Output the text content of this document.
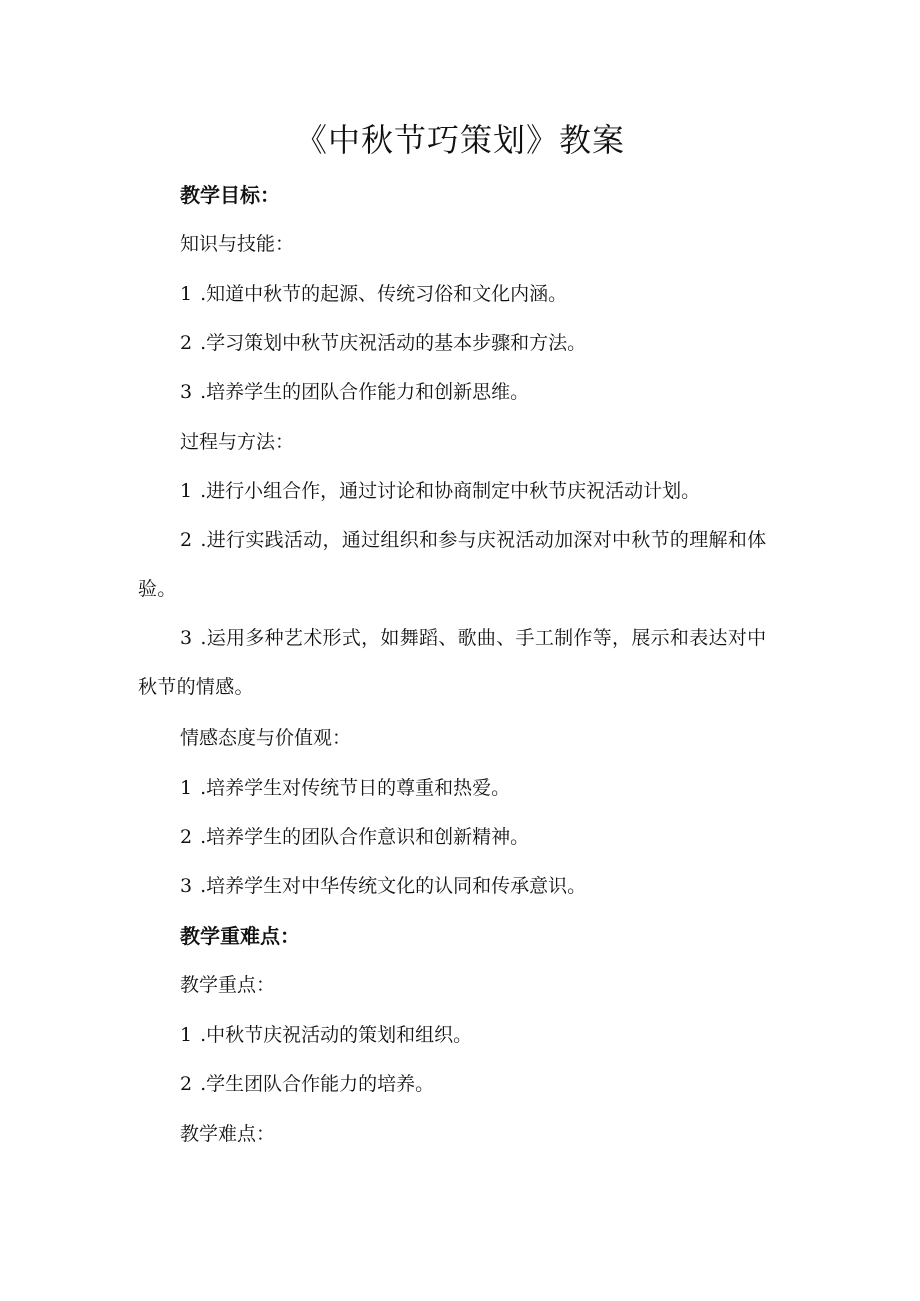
《中秋节巧策划》教案
教学目标：
知识与技能：
1 .知道中秋节的起源、传统习俗和文化内涵。
2 .学习策划中秋节庆祝活动的基本步骤和方法。
3 .培养学生的团队合作能力和创新思维。
过程与方法：
1 .进行小组合作，通过讨论和协商制定中秋节庆祝活动计划。
2 .进行实践活动，通过组织和参与庆祝活动加深对中秋节的理解和体验。
3 .运用多种艺术形式，如舞蹈、歌曲、手工制作等，展示和表达对中秋节的情感。
情感态度与价值观：
1 .培养学生对传统节日的尊重和热爱。
2 .培养学生的团队合作意识和创新精神。
3 .培养学生对中华传统文化的认同和传承意识。
教学重难点：
教学重点：
1 .中秋节庆祝活动的策划和组织。
2 .学生团队合作能力的培养。
教学难点：
